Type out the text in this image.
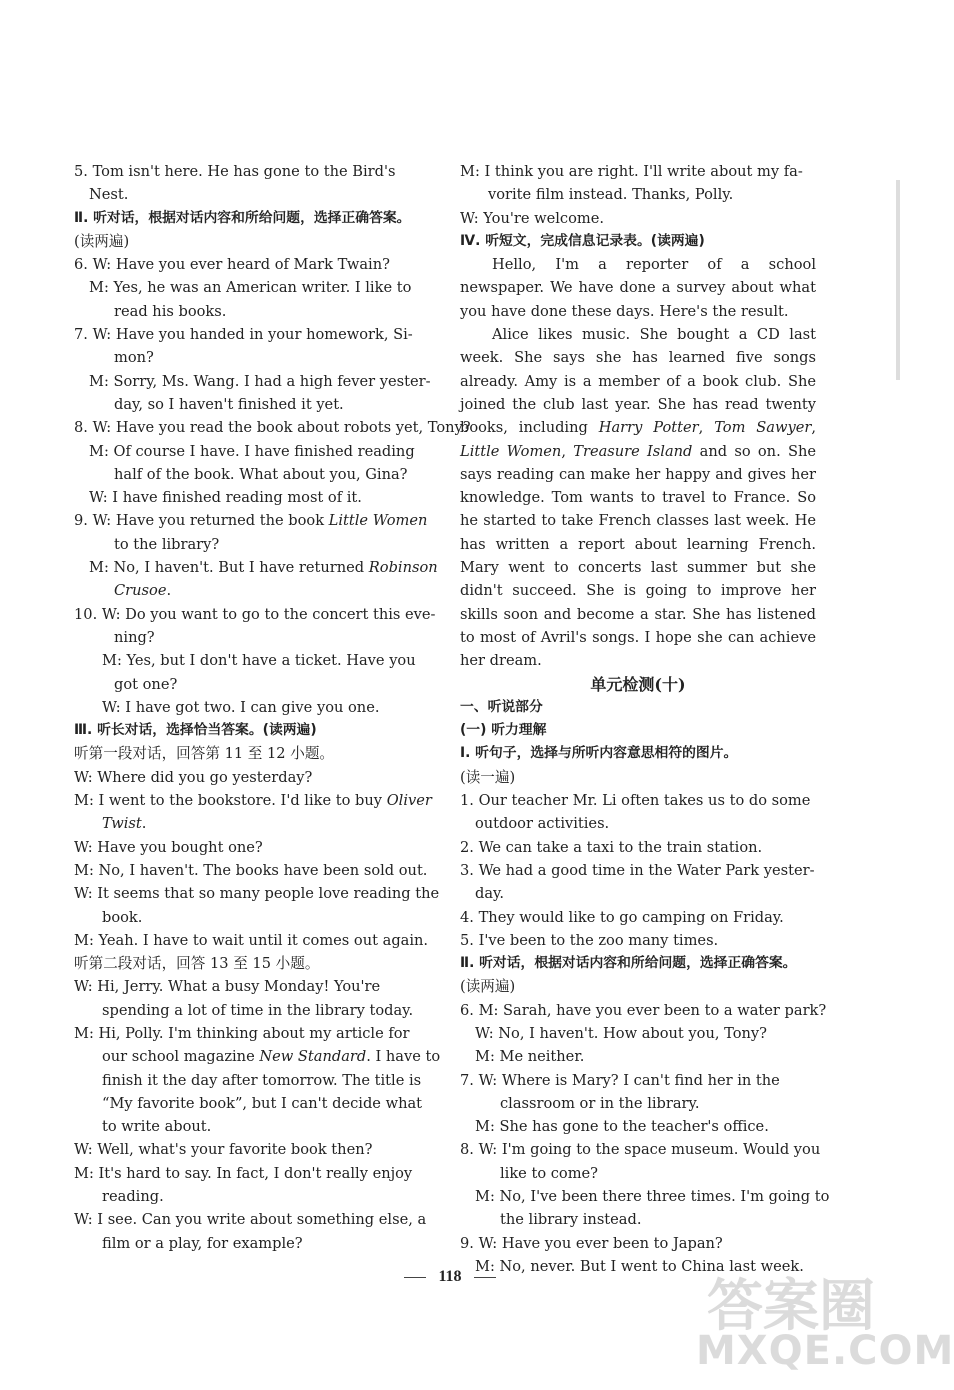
5. Tom isn't here. He has gone to the Bird's
Nest.
Ⅱ. 听对话，根据对话内容和所给问题，选择正确答案。
(读两遍)
6. W: Have you ever heard of Mark Twain?
M: Yes, he was an American writer. I like to
read his books.
7. W: Have you handed in your homework, Si-
mon?
M: Sorry, Ms. Wang. I had a high fever yester-
day, so I haven't finished it yet.
8. W: Have you read the book about robots yet, Tony?
M: Of course I have. I have finished reading
half of the book. What about you, Gina?
W: I have finished reading most of it.
9. W: Have you returned the book Little Women
to the library?
M: No, I haven't. But I have returned Robinson
Crusoe.
10. W: Do you want to go to the concert this eve-
ning?
M: Yes, but I don't have a ticket. Have you
got one?
W: I have got two. I can give you one.
Ⅲ. 听长对话，选择恰当答案。(读两遍)
听第一段对话，回答第 11 至 12 小题。
W: Where did you go yesterday?
M: I went to the bookstore. I'd like to buy Oliver
Twist.
W: Have you bought one?
M: No, I haven't. The books have been sold out.
W: It seems that so many people love reading the
book.
M: Yeah. I have to wait until it comes out again.
听第二段对话，回答 13 至 15 小题。
W: Hi, Jerry. What a busy Monday! You're
spending a lot of time in the library today.
M: Hi, Polly. I'm thinking about my article for
our school magazine New Standard. I have to
finish it the day after tomorrow. The title is
“My favorite book”, but I can't decide what
to write about.
W: Well, what's your favorite book then?
M: It's hard to say. In fact, I don't really enjoy
reading.
W: I see. Can you write about something else, a
film or a play, for example?
M: I think you are right. I'll write about my fa-
vorite film instead. Thanks, Polly.
W: You're welcome.
Ⅳ. 听短文，完成信息记录表。(读两遍)
Hello, I'm a reporter of a school newspaper. We have done a survey about what you have done these days. Here's the result.
Alice likes music. She bought a CD last week. She says she has learned five songs already. Amy is a member of a book club. She joined the club last year. She has read twenty books, including Harry Potter, Tom Sawyer, Little Women, Treasure Island and so on. She says reading can make her happy and gives her knowledge. Tom wants to travel to France. So he started to take French classes last week. He has written a report about learning French. Mary went to concerts last summer but she didn't succeed. She is going to improve her skills soon and become a star. She has listened to most of Avril's songs. I hope she can achieve her dream.
单元检测(十)
一、听说部分
(一) 听力理解
Ⅰ. 听句子，选择与所听内容意思相符的图片。
(读一遍)
1. Our teacher Mr. Li often takes us to do some
outdoor activities.
2. We can take a taxi to the train station.
3. We had a good time in the Water Park yester-
day.
4. They would like to go camping on Friday.
5. I've been to the zoo many times.
Ⅱ. 听对话，根据对话内容和所给问题，选择正确答案。
(读两遍)
6. M: Sarah, have you ever been to a water park?
W: No, I haven't. How about you, Tony?
M: Me neither.
7. W: Where is Mary? I can't find her in the
classroom or in the library.
M: She has gone to the teacher's office.
8. W: I'm going to the space museum. Would you
like to come?
M: No, I've been there three times. I'm going to
the library instead.
9. W: Have you ever been to Japan?
M: No, never. But I went to China last week.
118	答案圈
MXQE.COM
